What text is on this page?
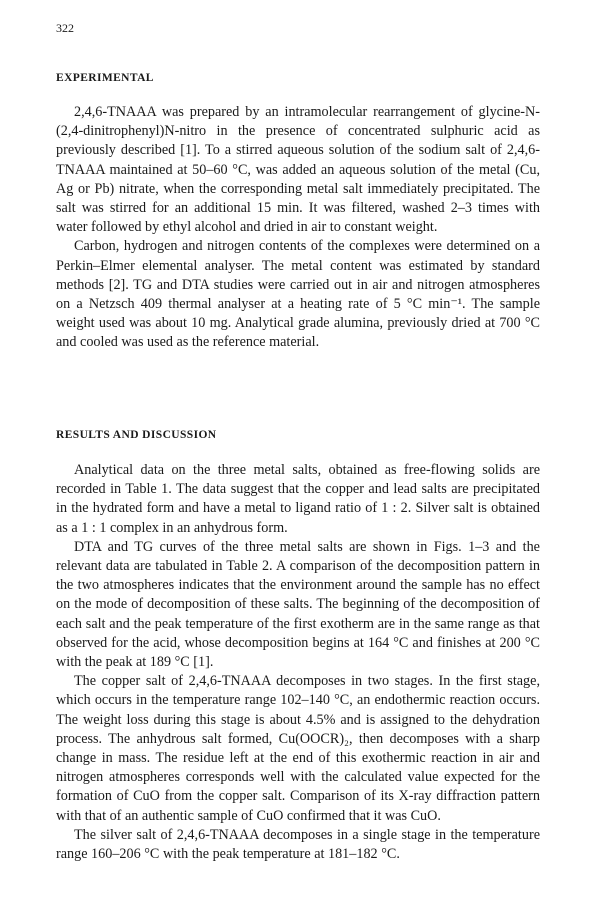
322

EXPERIMENTAL

2,4,6-TNAAA was prepared by an intramolecular rearrangement of glycine-N-(2,4-dinitrophenyl)N-nitro in the presence of concentrated sulphuric acid as previously described [1]. To a stirred aqueous solution of the sodium salt of 2,4,6-TNAAA maintained at 50–60 °C, was added an aqueous solution of the metal (Cu, Ag or Pb) nitrate, when the corresponding metal salt immediately precipitated. The salt was stirred for an additional 15 min. It was filtered, washed 2–3 times with water followed by ethyl alcohol and dried in air to constant weight.

Carbon, hydrogen and nitrogen contents of the complexes were determined on a Perkin–Elmer elemental analyser. The metal content was estimated by standard methods [2]. TG and DTA studies were carried out in air and nitrogen atmospheres on a Netzsch 409 thermal analyser at a heating rate of 5 °C min⁻¹. The sample weight used was about 10 mg. Analytical grade alumina, previously dried at 700 °C and cooled was used as the reference material.

RESULTS AND DISCUSSION

Analytical data on the three metal salts, obtained as free-flowing solids are recorded in Table 1. The data suggest that the copper and lead salts are precipitated in the hydrated form and have a metal to ligand ratio of 1 : 2. Silver salt is obtained as a 1 : 1 complex in an anhydrous form.

DTA and TG curves of the three metal salts are shown in Figs. 1–3 and the relevant data are tabulated in Table 2. A comparison of the decomposition pattern in the two atmospheres indicates that the environment around the sample has no effect on the mode of decomposition of these salts. The beginning of the decomposition of each salt and the peak temperature of the first exotherm are in the same range as that observed for the acid, whose decomposition begins at 164 °C and finishes at 200 °C with the peak at 189 °C [1].

The copper salt of 2,4,6-TNAAA decomposes in two stages. In the first stage, which occurs in the temperature range 102–140 °C, an endothermic reaction occurs. The weight loss during this stage is about 4.5% and is assigned to the dehydration process. The anhydrous salt formed, Cu(OOCR)₂, then decomposes with a sharp change in mass. The residue left at the end of this exothermic reaction in air and nitrogen atmospheres corresponds well with the calculated value expected for the formation of CuO from the copper salt. Comparison of its X-ray diffraction pattern with that of an authentic sample of CuO confirmed that it was CuO.

The silver salt of 2,4,6-TNAAA decomposes in a single stage in the temperature range 160–206 °C with the peak temperature at 181–182 °C.
